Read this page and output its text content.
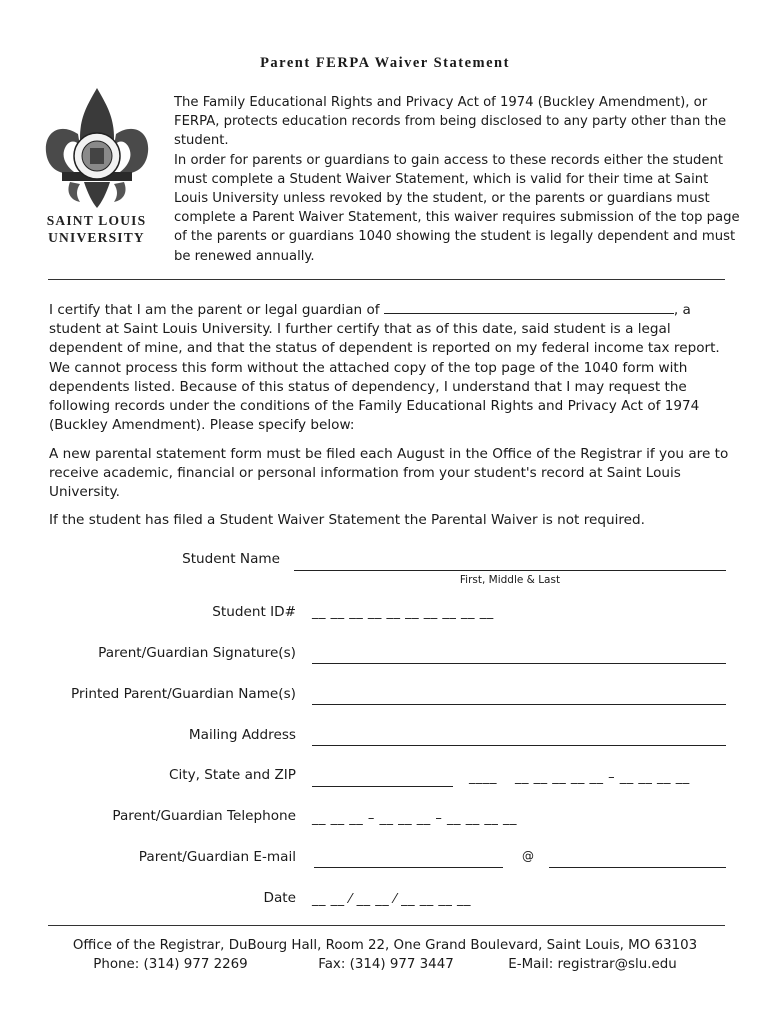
Parent FERPA Waiver Statement
SAINT LOUIS
UNIVERSITY

The Family Educational Rights and Privacy Act of 1974 (Buckley Amendment), or FERPA, protects education records from being disclosed to any party other than the student.

In order for parents or guardians to gain access to these records either the student must complete a Student Waiver Statement, which is valid for their time at Saint Louis University unless revoked by the student, or the parents or guardians must complete a Parent Waiver Statement, this waiver requires submission of the top page of the parents or guardians 1040 showing the student is legally dependent and must be renewed annually.

I certify that I am the parent or legal guardian of	, a student at Saint Louis University. I further certify that as of this date, said student is a legal dependent of mine, and that the status of dependent is reported on my federal income tax report. We cannot process this form without the attached copy of the top page of the 1040 form with dependents listed. Because of this status of dependency, I understand that I may request the following records under the conditions of the Family Educational Rights and Privacy Act of 1974 (Buckley Amendment). Please specify below:

A new parental statement form must be filed each August in the Office of the Registrar if you are to receive academic, financial or personal information from your student's record at Saint Louis University.
If the student has filed a Student Waiver Statement the Parental Waiver is not required.
Student Name
First, Middle & Last
Student ID# __ __ __ __ __ __ __ __ __ __
Parent/Guardian Signature(s)
Printed Parent/Guardian Name(s)
Mailing Address
City, State and ZIP	____ __ __ __ __ __ – __ __ __ __
Parent/Guardian Telephone __ __ __ – __ __ __ – __ __ __ __
Parent/Guardian E-mail	@
Date __ __ ⁄ __ __ ⁄ __ __ __ __
Office of the Registrar, DuBourg Hall, Room 22, One Grand Boulevard, Saint Louis, MO 63103
Phone: (314) 977 2269	Fax: (314) 977 3447	E-Mail: registrar@slu.edu
